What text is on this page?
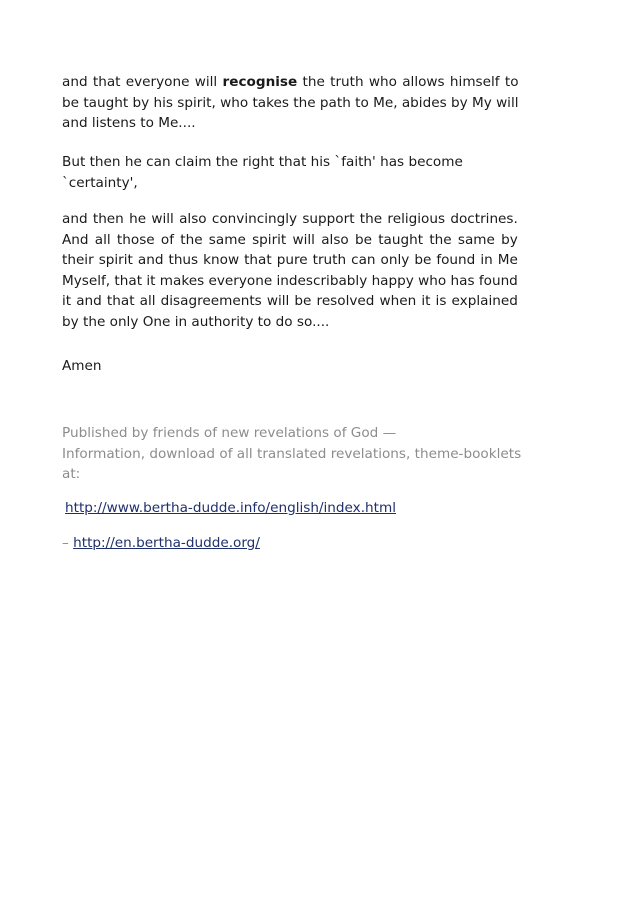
and that everyone will recognise the truth who allows himself to
be taught by his spirit, who takes the path to Me, abides by My will
and listens to Me....

But then he can claim the right that his `faith' has become
`certainty',

and then he will also convincingly support the religious doctrines.
And all those of the same spirit will also be taught the same by
their spirit and thus know that pure truth can only be found in Me
Myself, that it makes everyone indescribably happy who has found
it and that all disagreements will be resolved when it is explained
by the only One in authority to do so....

Amen

Published by friends of new revelations of God —
Information, download of all translated revelations, theme-booklets
at:

http://www.bertha-dudde.info/english/index.html
– http://en.bertha-dudde.org/
